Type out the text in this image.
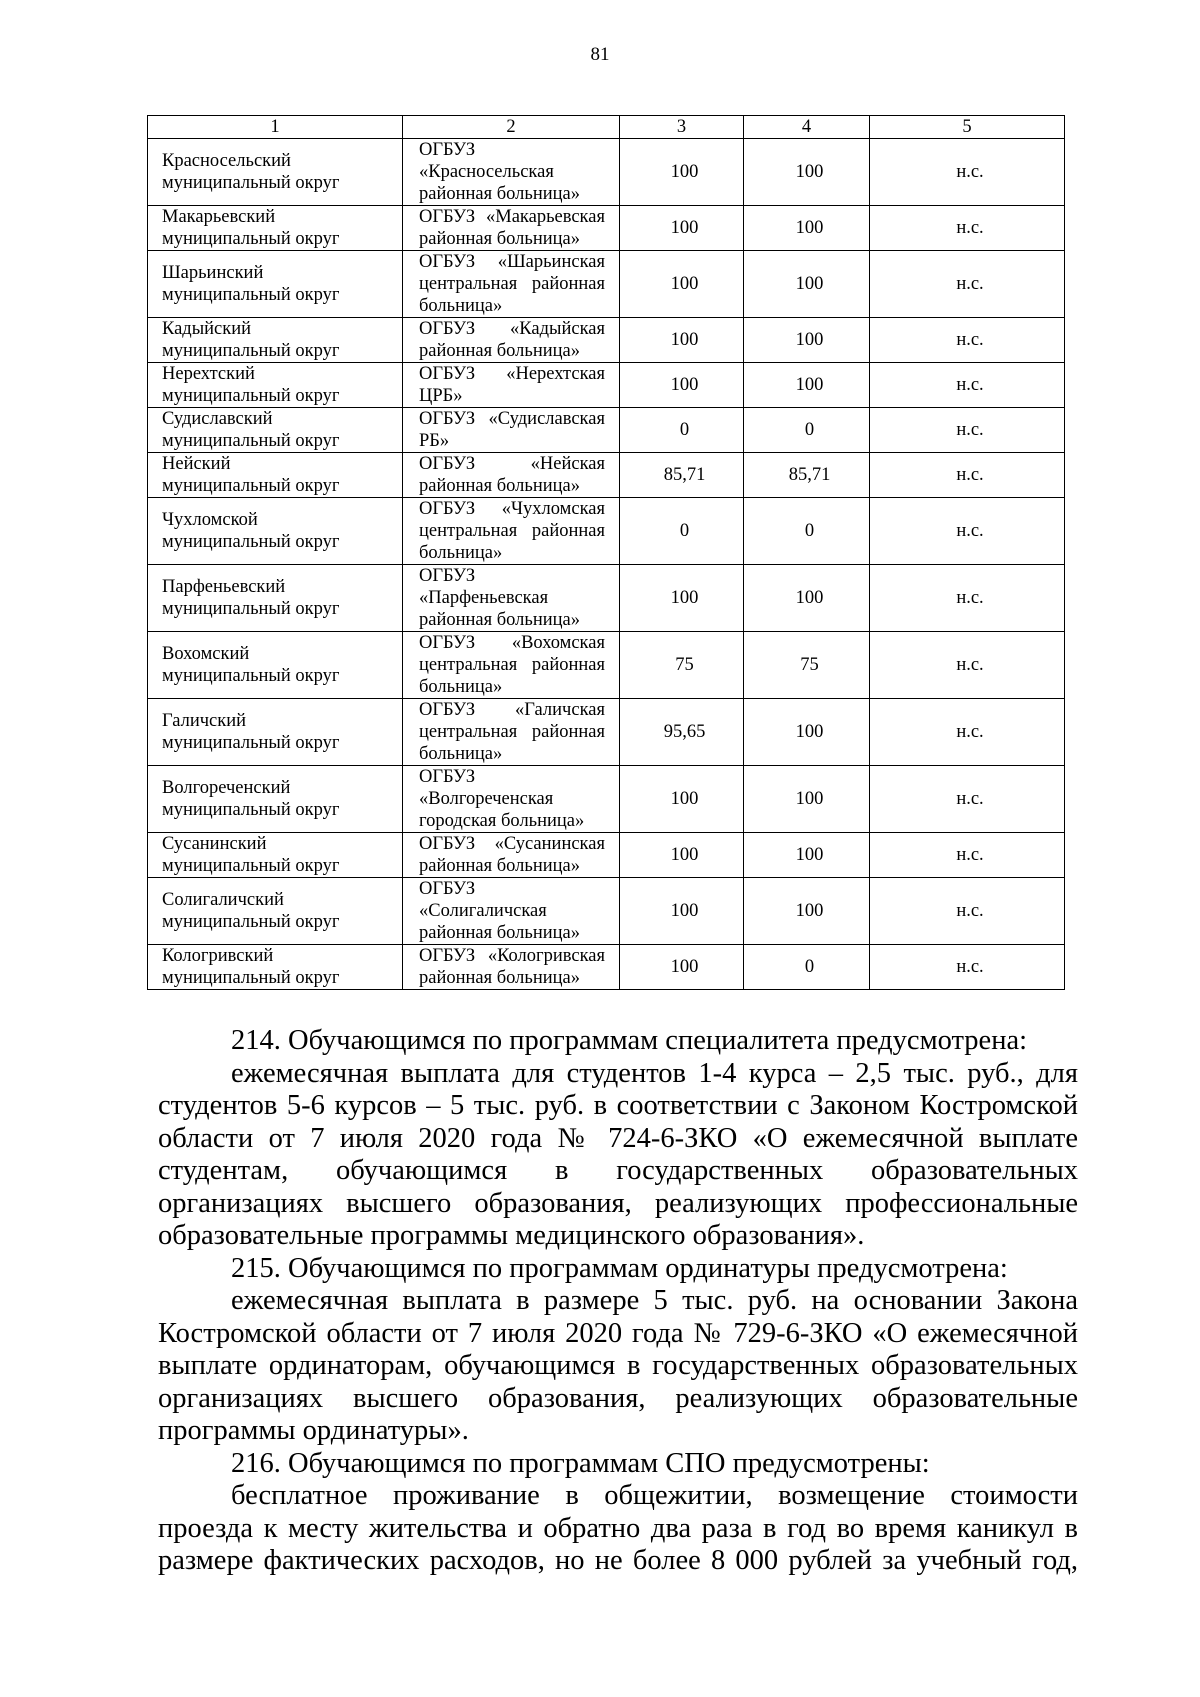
81
1	2	3	4	5

Красносельский
муниципальный округ	ОГБУЗ
«Красносельская
районная больница»	100	100	н.с.

Макарьевский
муниципальный округ	ОГБУЗ «Макарьевская
районная больница»	100	100	н.с.

Шарьинский
муниципальный округ	ОГБУЗ «Шарьинская
центральная районная
больница»	100	100	н.с.

Кадыйский
муниципальный округ	ОГБУЗ «Кадыйская
районная больница»	100	100	н.с.

Нерехтский
муниципальный округ	ОГБУЗ «Нерехтская
ЦРБ»	100	100	н.с.

Судиславский
муниципальный округ	ОГБУЗ «Судиславская
РБ»	0	0	н.с.

Нейский
муниципальный округ	ОГБУЗ «Нейская
районная больница»	85,71	85,71	н.с.

Чухломской
муниципальный округ	ОГБУЗ «Чухломская
центральная районная
больница»	0	0	н.с.

Парфеньевский
муниципальный округ	ОГБУЗ «Парфеньевская
районная больница»	100	100	н.с.

Вохомский
муниципальный округ	ОГБУЗ «Вохомская
центральная районная
больница»	75	75	н.с.

Галичский
муниципальный округ	ОГБУЗ «Галичская
центральная районная
больница»	95,65	100	н.с.

Волгореченский
муниципальный округ	ОГБУЗ
«Волгореченская
городская больница»	100	100	н.с.

Сусанинский
муниципальный округ	ОГБУЗ «Сусанинская
районная больница»	100	100	н.с.

Солигаличский
муниципальный округ	ОГБУЗ «Солигаличская
районная больница»	100	100	н.с.

Кологривский
муниципальный округ	ОГБУЗ «Кологривская
районная больница»	100	0	н.с.

214. Обучающимся по программам специалитета предусмотрена:

ежемесячная выплата для студентов 1-4 курса – 2,5 тыс. руб., для
студентов 5-6 курсов – 5 тыс. руб. в соответствии с Законом Костромской
области от 7 июля 2020 года № 724-6-ЗКО «О ежемесячной выплате
студентам, обучающимся в государственных образовательных
организациях высшего образования, реализующих профессиональные
образовательные программы медицинского образования».

215. Обучающимся по программам ординатуры предусмотрена:

ежемесячная выплата в размере 5 тыс. руб. на основании Закона
Костромской области от 7 июля 2020 года № 729-6-ЗКО «О ежемесячной
выплате ординаторам, обучающимся в государственных образовательных
организациях высшего образования, реализующих образовательные
программы ординатуры».

216. Обучающимся по программам СПО предусмотрены:

бесплатное проживание в общежитии, возмещение стоимости
проезда к месту жительства и обратно два раза в год во время каникул в
размере фактических расходов, но не более 8 000 рублей за учебный год,
